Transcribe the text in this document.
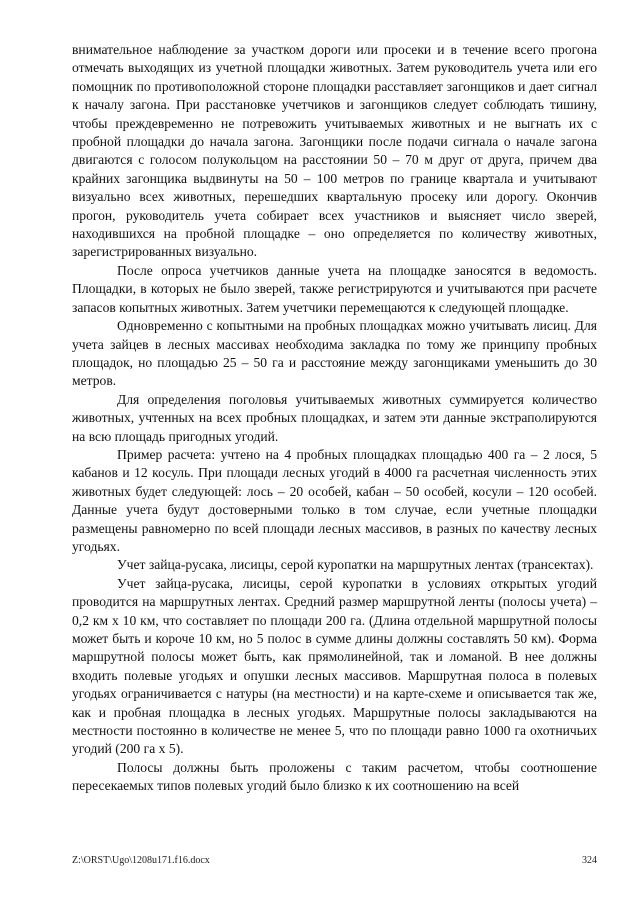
внимательное наблюдение за участком дороги или просеки и в течение всего прогона отмечать выходящих из учетной площадки животных. Затем руководитель учета или его помощник по противоположной стороне площадки расставляет загонщиков и дает сигнал к началу загона. При расстановке учетчиков и загонщиков следует соблюдать тишину, чтобы преждевременно не потревожить учитываемых животных и не выгнать их с пробной площадки до начала загона. Загонщики после подачи сигнала о начале загона двигаются с голосом полукольцом на расстоянии 50 – 70 м друг от друга, причем два крайних загонщика выдвинуты на 50 – 100 метров по границе квартала и учитывают визуально всех животных, перешедших квартальную просеку или дорогу. Окончив прогон, руководитель учета собирает всех участников и выясняет число зверей, находившихся на пробной площадке – оно определяется по количеству животных, зарегистрированных визуально.

После опроса учетчиков данные учета на площадке заносятся в ведомость. Площадки, в которых не было зверей, также регистрируются и учитываются при расчете запасов копытных животных. Затем учетчики перемещаются к следующей площадке.

Одновременно с копытными на пробных площадках можно учитывать лисиц. Для учета зайцев в лесных массивах необходима закладка по тому же принципу пробных площадок, но площадью 25 – 50 га и расстояние между загонщиками уменьшить до 30 метров.

Для определения поголовья учитываемых животных суммируется количество животных, учтенных на всех пробных площадках, и затем эти данные экстраполируются на всю площадь пригодных угодий.

Пример расчета: учтено на 4 пробных площадках площадью 400 га – 2 лося, 5 кабанов и 12 косуль. При площади лесных угодий в 4000 га расчетная численность этих животных будет следующей: лось – 20 особей, кабан – 50 особей, косули – 120 особей. Данные учета будут достоверными только в том случае, если учетные площадки размещены равномерно по всей площади лесных массивов, в разных по качеству лесных угодьях.

Учет зайца-русака, лисицы, серой куропатки на маршрутных лентах (трансектах).

Учет зайца-русака, лисицы, серой куропатки в условиях открытых угодий проводится на маршрутных лентах. Средний размер маршрутной ленты (полосы учета) – 0,2 км х 10 км, что составляет по площади 200 га. (Длина отдельной маршрутной полосы может быть и короче 10 км, но 5 полос в сумме длины должны составлять 50 км). Форма маршрутной полосы может быть, как прямолинейной, так и ломаной. В нее должны входить полевые угодьях и опушки лесных массивов. Маршрутная полоса в полевых угодьях ограничивается с натуры (на местности) и на карте-схеме и описывается так же, как и пробная площадка в лесных угодьях. Маршрутные полосы закладываются на местности постоянно в количестве не менее 5, что по площади равно 1000 га охотничьих угодий (200 га х 5).

Полосы должны быть проложены с таким расчетом, чтобы соотношение пересекаемых типов полевых угодий было близко к их соотношению на всей

Z:\ORST\Ugo\1208u171.f16.docx	324
